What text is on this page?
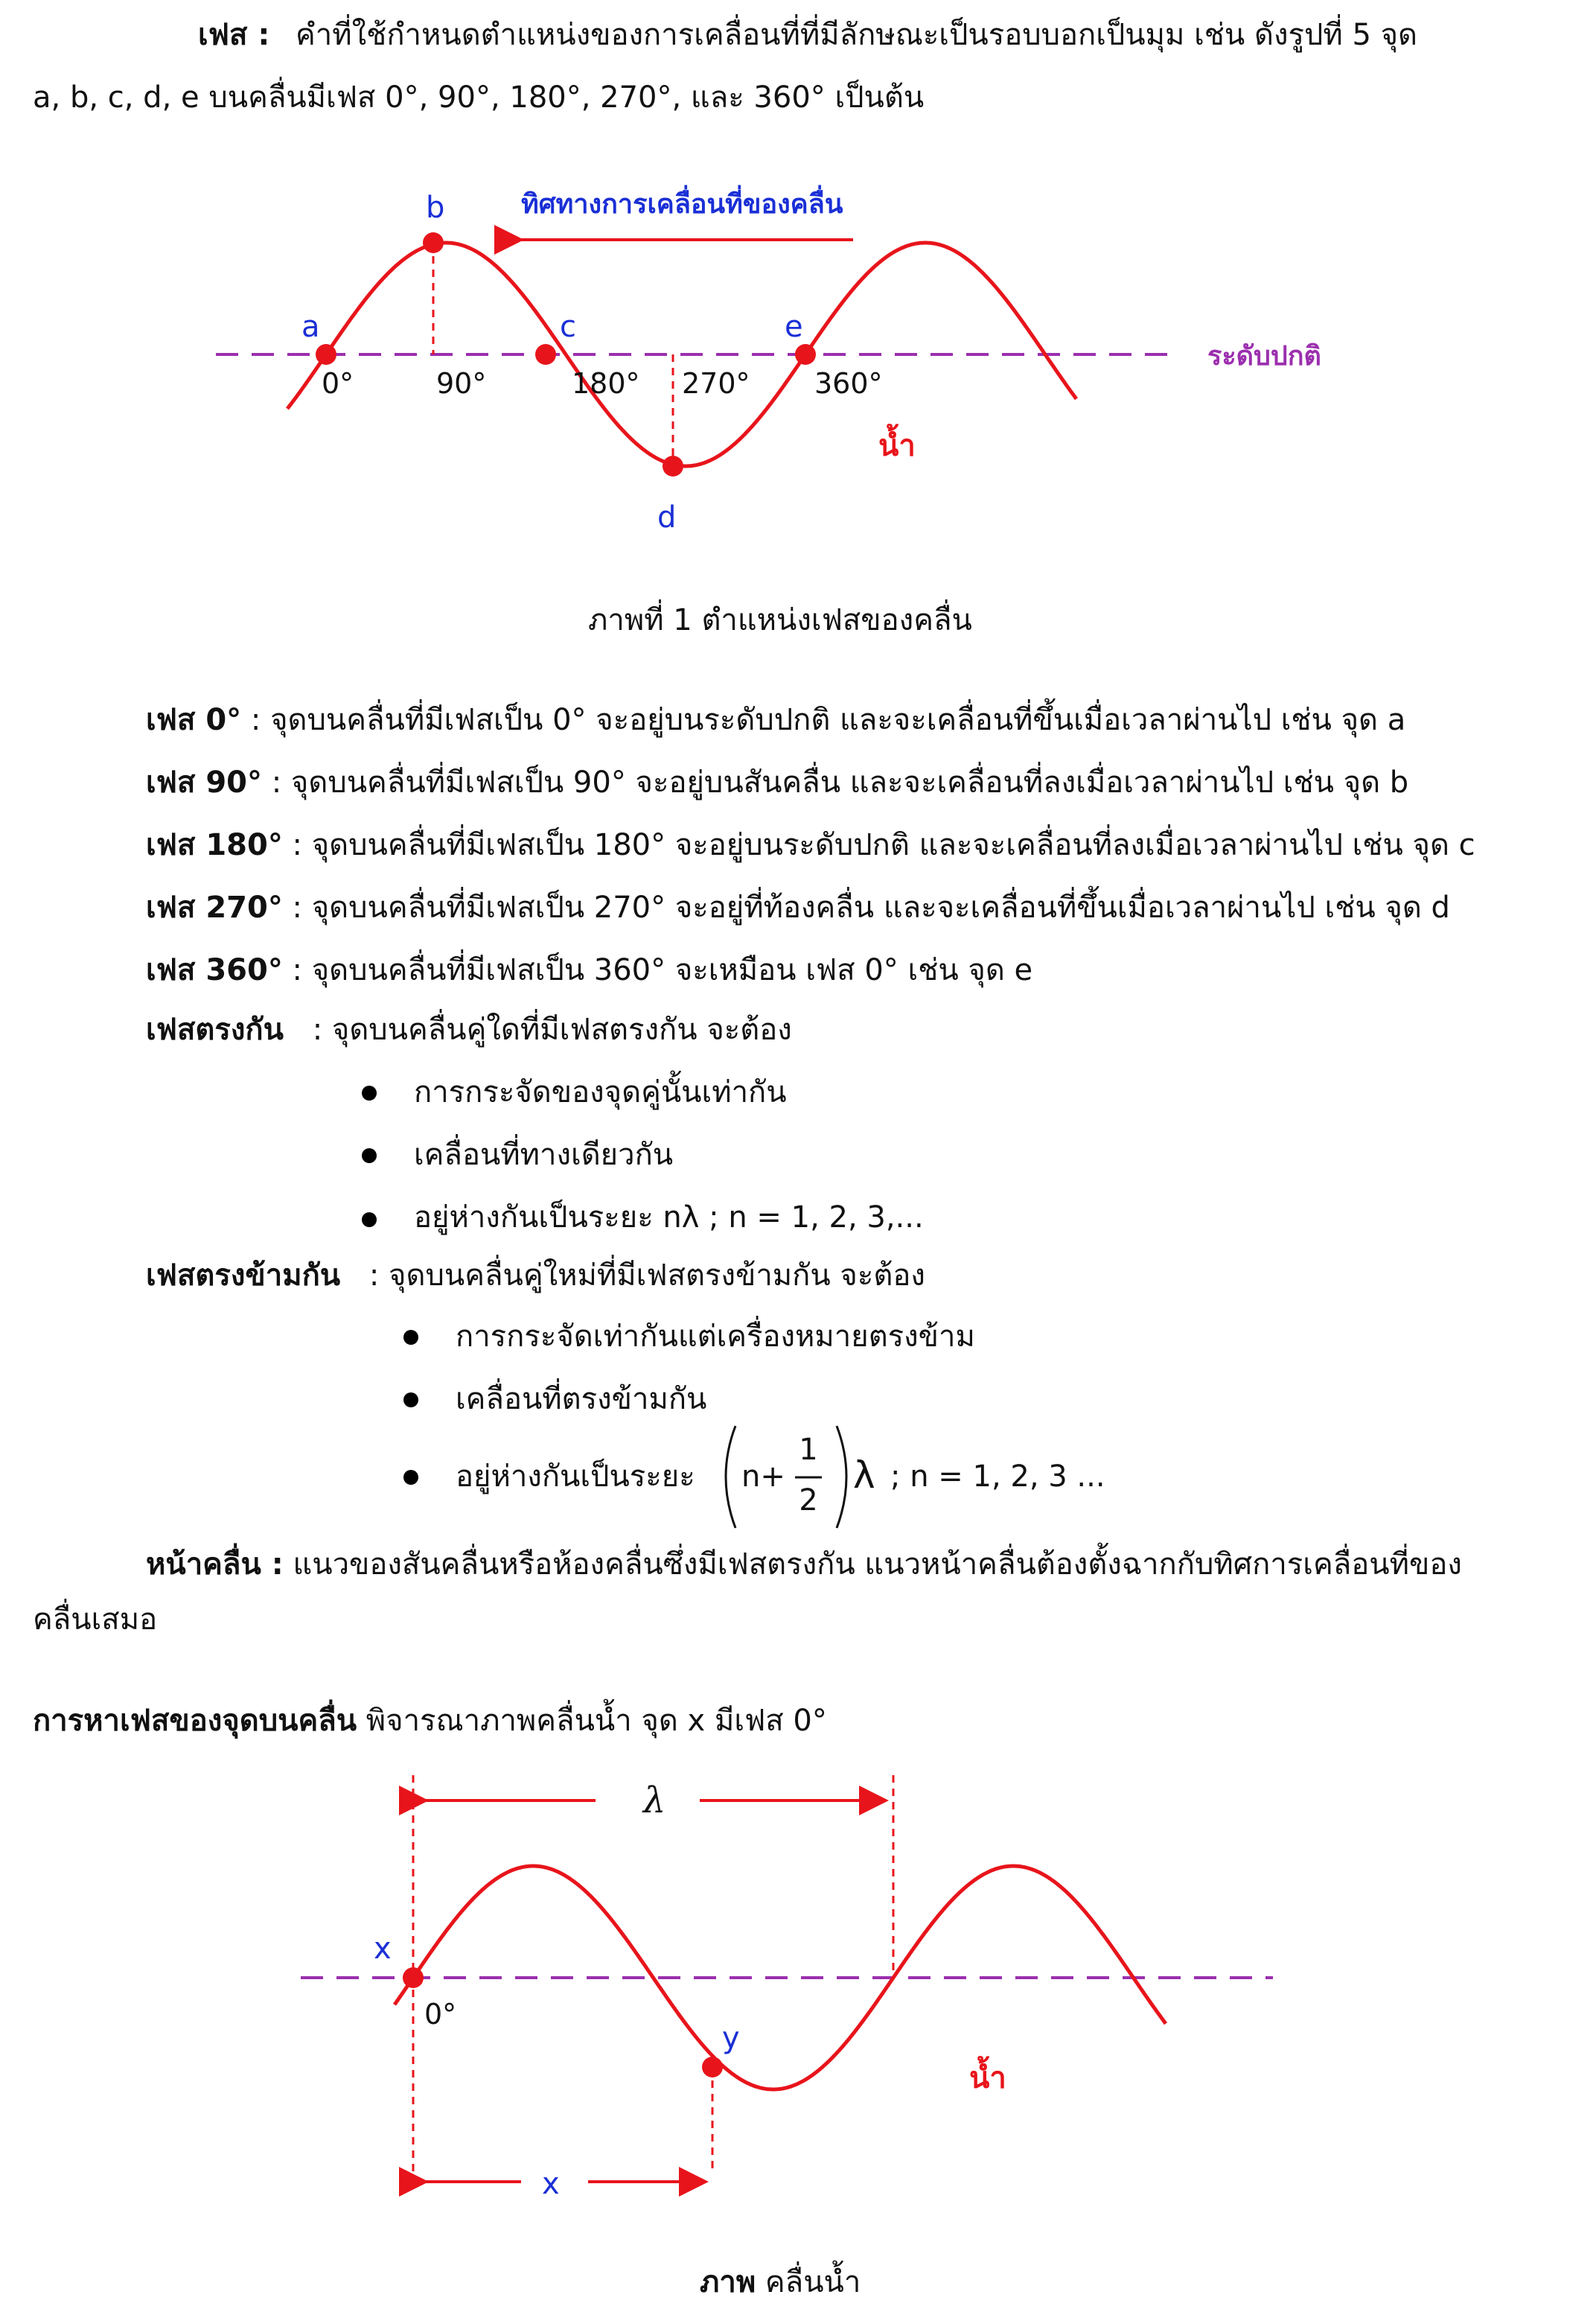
เฟส : คำที่ใช้กำหนดตำแหน่งของการเคลื่อนที่ที่มีลักษณะเป็นรอบบอกเป็นมุม เช่น ดังรูปที่ 5 จุด
a, b, c, d, e บนคลื่นมีเฟส 0°, 90°, 180°, 270°, และ 360° เป็นต้น
a
b
c
d
e
0°	90°	180° 270° 360°
ทิศทางการเคลื่อนที่ของคลื่น
ระดับปกติ
น้ำ
ภาพที่ 1 ตำแหน่งเฟสของคลื่น
เฟส 0° : จุดบนคลื่นที่มีเฟสเป็น 0° จะอยู่บนระดับปกติ และจะเคลื่อนที่ขึ้นเมื่อเวลาผ่านไป เช่น จุด a
เฟส 90° : จุดบนคลื่นที่มีเฟสเป็น 90° จะอยู่บนสันคลื่น และจะเคลื่อนที่ลงเมื่อเวลาผ่านไป เช่น จุด b
เฟส 180° : จุดบนคลื่นที่มีเฟสเป็น 180° จะอยู่บนระดับปกติ และจะเคลื่อนที่ลงเมื่อเวลาผ่านไป เช่น จุด c
เฟส 270° : จุดบนคลื่นที่มีเฟสเป็น 270° จะอยู่ที่ท้องคลื่น และจะเคลื่อนที่ขึ้นเมื่อเวลาผ่านไป เช่น จุด d
เฟส 360° : จุดบนคลื่นที่มีเฟสเป็น 360° จะเหมือน เฟส 0° เช่น จุด e
เฟสตรงกัน : จุดบนคลื่นคู่ใดที่มีเฟสตรงกัน จะต้อง
การกระจัดของจุดคู่นั้นเท่ากัน
เคลื่อนที่ทางเดียวกัน
อยู่ห่างกันเป็นระยะ nλ ; n = 1, 2, 3,...
เฟสตรงข้ามกัน : จุดบนคลื่นคู่ใหม่ที่มีเฟสตรงข้ามกัน จะต้อง
การกระจัดเท่ากันแต่เครื่องหมายตรงข้าม
เคลื่อนที่ตรงข้ามกัน
อยู่ห่างกันเป็นระยะ n+
1
2
λ ; n = 1, 2, 3 ...
หน้าคลื่น : แนวของสันคลื่นหรือห้องคลื่นซึ่งมีเฟสตรงกัน แนวหน้าคลื่นต้องตั้งฉากกับทิศการเคลื่อนที่ของ
คลื่นเสมอ
การหาเฟสของจุดบนคลื่น พิจารณาภาพคลื่นน้ำ จุด x มีเฟส 0°
λ
x
0°
y
น้ำ
x
ภาพ คลื่นน้ำ
